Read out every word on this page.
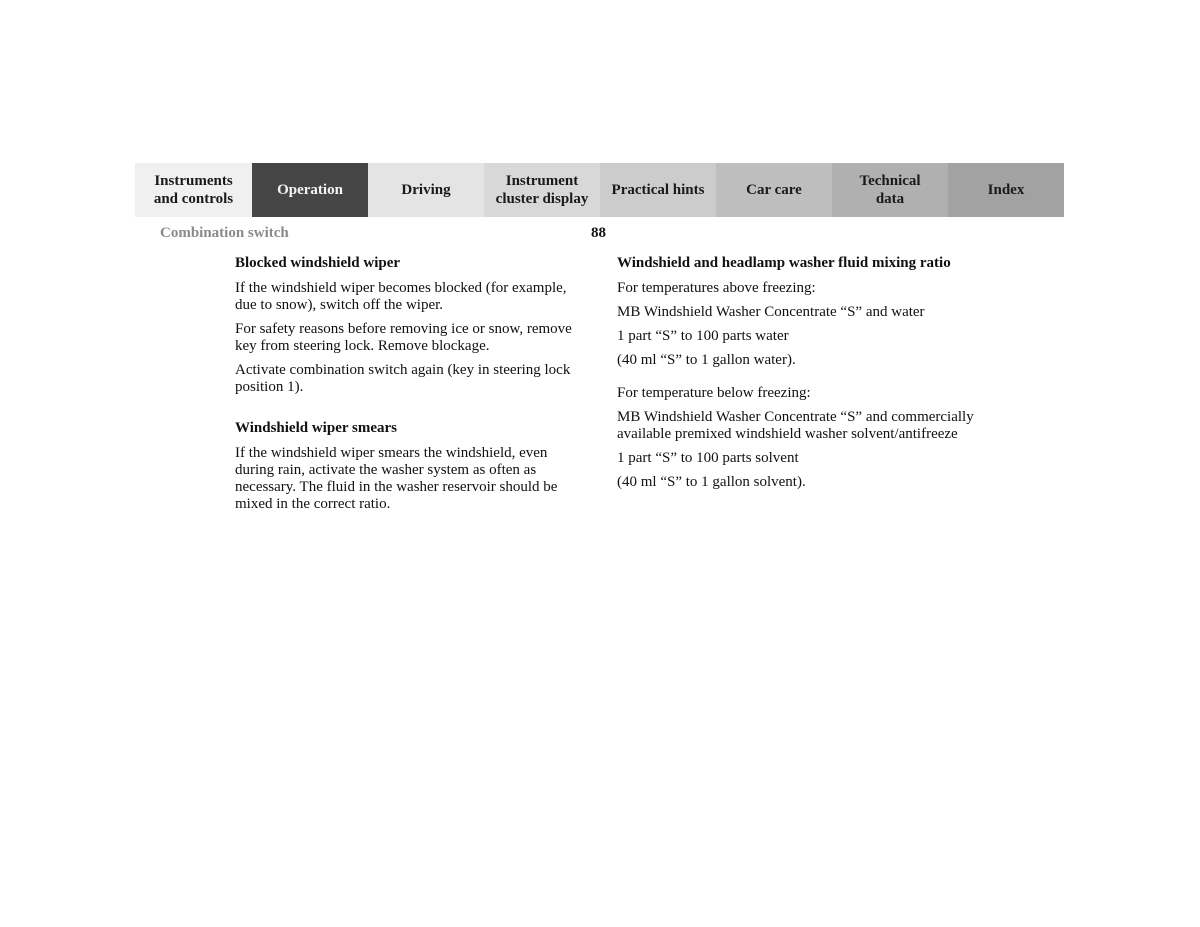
Instruments
and controls
Operation	Driving
Instrument
cluster display
Practical hints	Car care
Technical
data
Index
Combination switch	88
Blocked windshield wiper
If the windshield wiper becomes blocked (for example, due to snow), switch off the wiper.
For safety reasons before removing ice or snow, remove key from steering lock. Remove blockage.
Activate combination switch again (key in steering lock position 1).
Windshield wiper smears
If the windshield wiper smears the windshield, even during rain, activate the washer system as often as necessary. The fluid in the washer reservoir should be mixed in the correct ratio.
Windshield and headlamp washer fluid mixing ratio
For temperatures above freezing:
MB Windshield Washer Concentrate “S” and water
1 part “S” to 100 parts water
(40 ml “S” to 1 gallon water).
For temperature below freezing:
MB Windshield Washer Concentrate “S” and commercially available premixed windshield washer solvent/antifreeze
1 part “S” to 100 parts solvent
(40 ml “S” to 1 gallon solvent).
